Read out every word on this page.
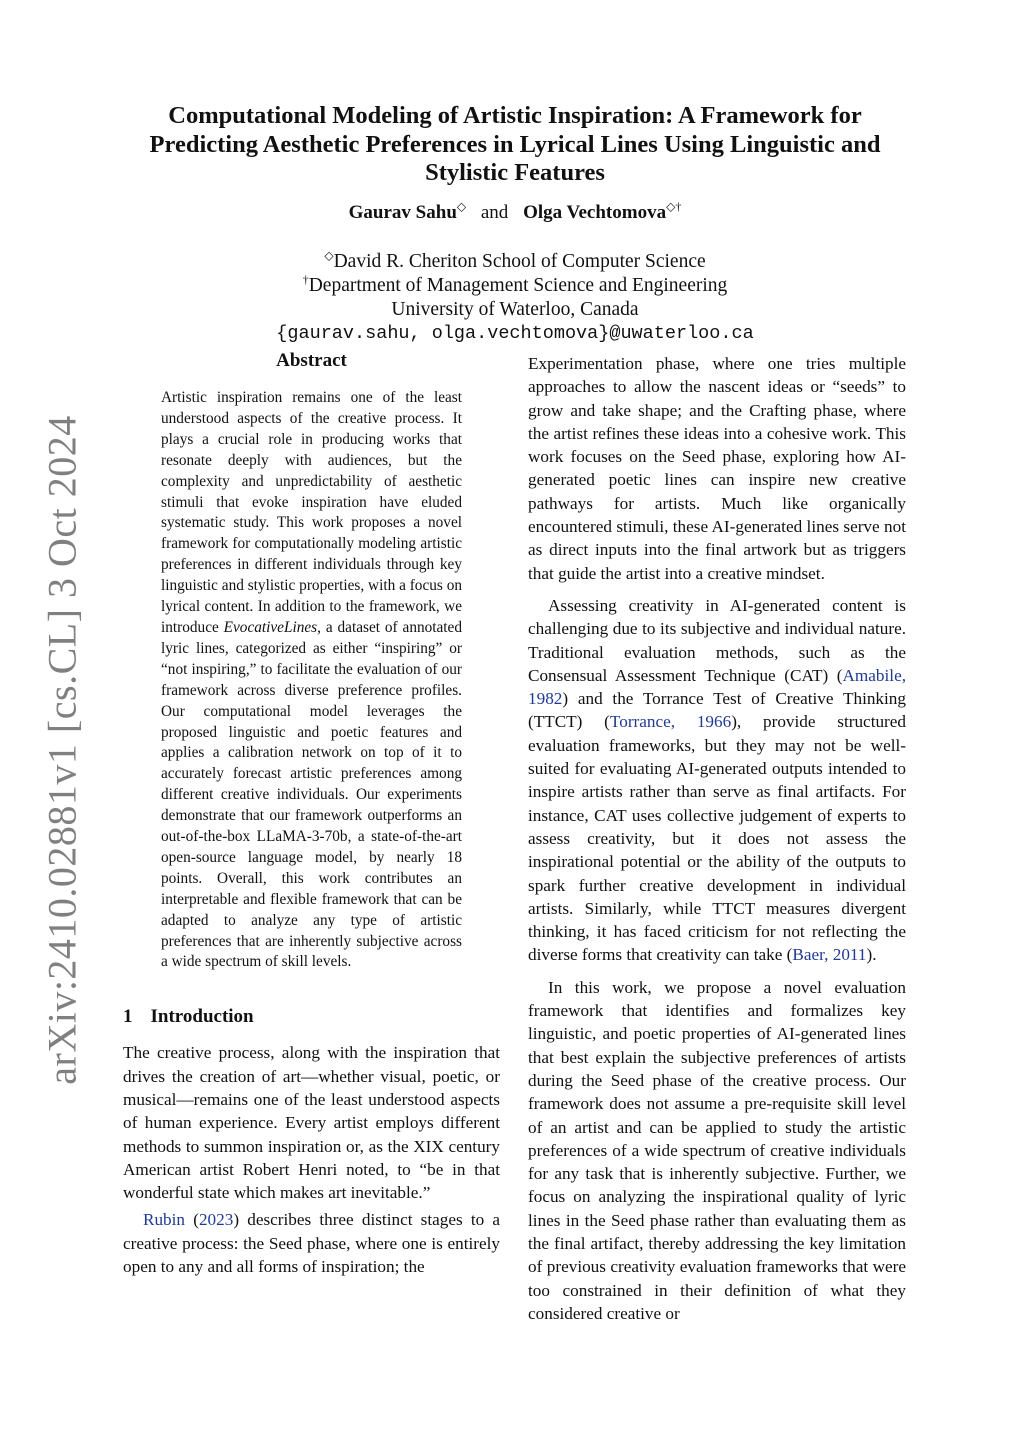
arXiv:2410.02881v1 [cs.CL] 3 Oct 2024
Computational Modeling of Artistic Inspiration: A Framework for
Predicting Aesthetic Preferences in Lyrical Lines Using Linguistic and
Stylistic Features
Gaurav Sahu◇ and Olga Vechtomova◇†
◇David R. Cheriton School of Computer Science
†Department of Management Science and Engineering
University of Waterloo, Canada
{gaurav.sahu, olga.vechtomova}@uwaterloo.ca
Abstract
Artistic inspiration remains one of the least understood aspects of the creative process. It plays a crucial role in producing works that resonate deeply with audiences, but the complexity and unpredictability of aesthetic stimuli that evoke inspiration have eluded systematic study. This work proposes a novel framework for computationally modeling artistic preferences in different individuals through key linguistic and stylistic properties, with a focus on lyrical content. In addition to the framework, we introduce EvocativeLines, a dataset of annotated lyric lines, categorized as either “inspiring” or “not inspiring,” to facilitate the evaluation of our framework across diverse preference profiles. Our computational model leverages the proposed linguistic and poetic features and applies a calibration network on top of it to accurately forecast artistic preferences among different creative individuals. Our experiments demonstrate that our framework outperforms an out-of-the-box LLaMA-3-70b, a state-of-the-art open-source language model, by nearly 18 points. Overall, this work contributes an interpretable and flexible framework that can be adapted to analyze any type of artistic preferences that are inherently subjective across a wide spectrum of skill levels.
1 Introduction

The creative process, along with the inspiration that drives the creation of art—whether visual, poetic, or musical—remains one of the least understood aspects of human experience. Every artist employs different methods to summon inspiration or, as the XIX century American artist Robert Henri noted, to “be in that wonderful state which makes art inevitable.”

Rubin (2023) describes three distinct stages to a creative process: the Seed phase, where one is entirely open to any and all forms of inspiration; the

Experimentation phase, where one tries multiple approaches to allow the nascent ideas or “seeds” to grow and take shape; and the Crafting phase, where the artist refines these ideas into a cohesive work. This work focuses on the Seed phase, exploring how AI-generated poetic lines can inspire new creative pathways for artists. Much like organically encountered stimuli, these AI-generated lines serve not as direct inputs into the final artwork but as triggers that guide the artist into a creative mindset.

Assessing creativity in AI-generated content is challenging due to its subjective and individual nature. Traditional evaluation methods, such as the Consensual Assessment Technique (CAT) (Amabile, 1982) and the Torrance Test of Creative Thinking (TTCT) (Torrance, 1966), provide structured evaluation frameworks, but they may not be well-suited for evaluating AI-generated outputs intended to inspire artists rather than serve as final artifacts. For instance, CAT uses collective judgement of experts to assess creativity, but it does not assess the inspirational potential or the ability of the outputs to spark further creative development in individual artists. Similarly, while TTCT measures divergent thinking, it has faced criticism for not reflecting the diverse forms that creativity can take (Baer, 2011).

In this work, we propose a novel evaluation framework that identifies and formalizes key linguistic, and poetic properties of AI-generated lines that best explain the subjective preferences of artists during the Seed phase of the creative process. Our framework does not assume a pre-requisite skill level of an artist and can be applied to study the artistic preferences of a wide spectrum of creative individuals for any task that is inherently subjective. Further, we focus on analyzing the inspirational quality of lyric lines in the Seed phase rather than evaluating them as the final artifact, thereby addressing the key limitation of previous creativity evaluation frameworks that were too constrained in their definition of what they considered creative or
